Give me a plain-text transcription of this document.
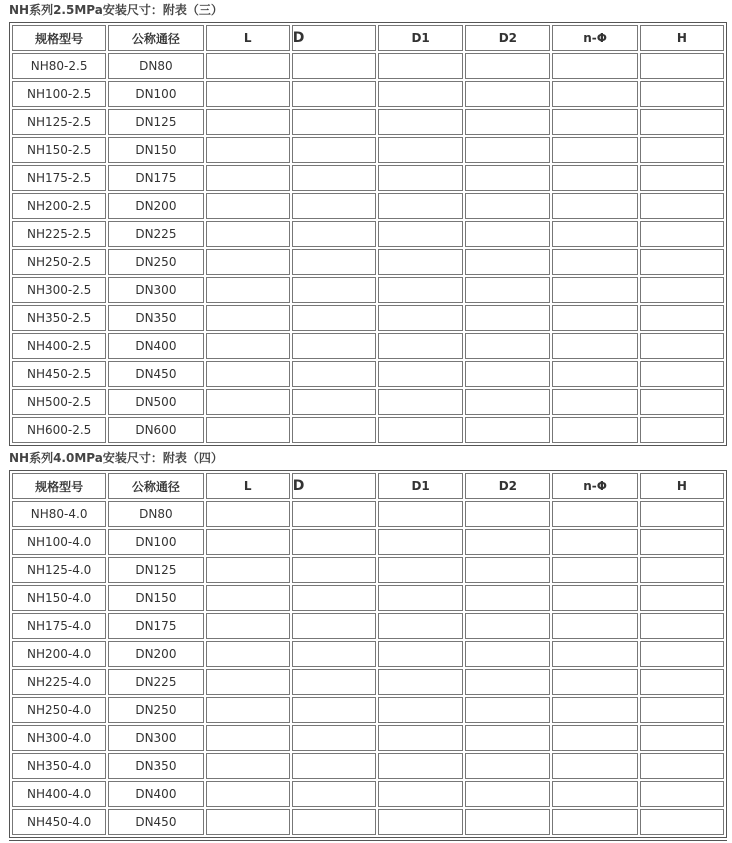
NH系列2.5MPa安装尺寸：附表（三）
规格型号	公称通径	L	D	D1	D2	n-Φ	H
NH80-2.5	DN80						
NH100-2.5	DN100						
NH125-2.5	DN125						
NH150-2.5	DN150						
NH175-2.5	DN175						
NH200-2.5	DN200						
NH225-2.5	DN225						
NH250-2.5	DN250						
NH300-2.5	DN300						
NH350-2.5	DN350						
NH400-2.5	DN400						
NH450-2.5	DN450						
NH500-2.5	DN500						
NH600-2.5	DN600						
NH系列4.0MPa安装尺寸：附表（四）
规格型号	公称通径	L	D	D1	D2	n-Φ	H
NH80-4.0	DN80						
NH100-4.0	DN100						
NH125-4.0	DN125						
NH150-4.0	DN150						
NH175-4.0	DN175						
NH200-4.0	DN200						
NH225-4.0	DN225						
NH250-4.0	DN250						
NH300-4.0	DN300						
NH350-4.0	DN350						
NH400-4.0	DN400						
NH450-4.0	DN450						
